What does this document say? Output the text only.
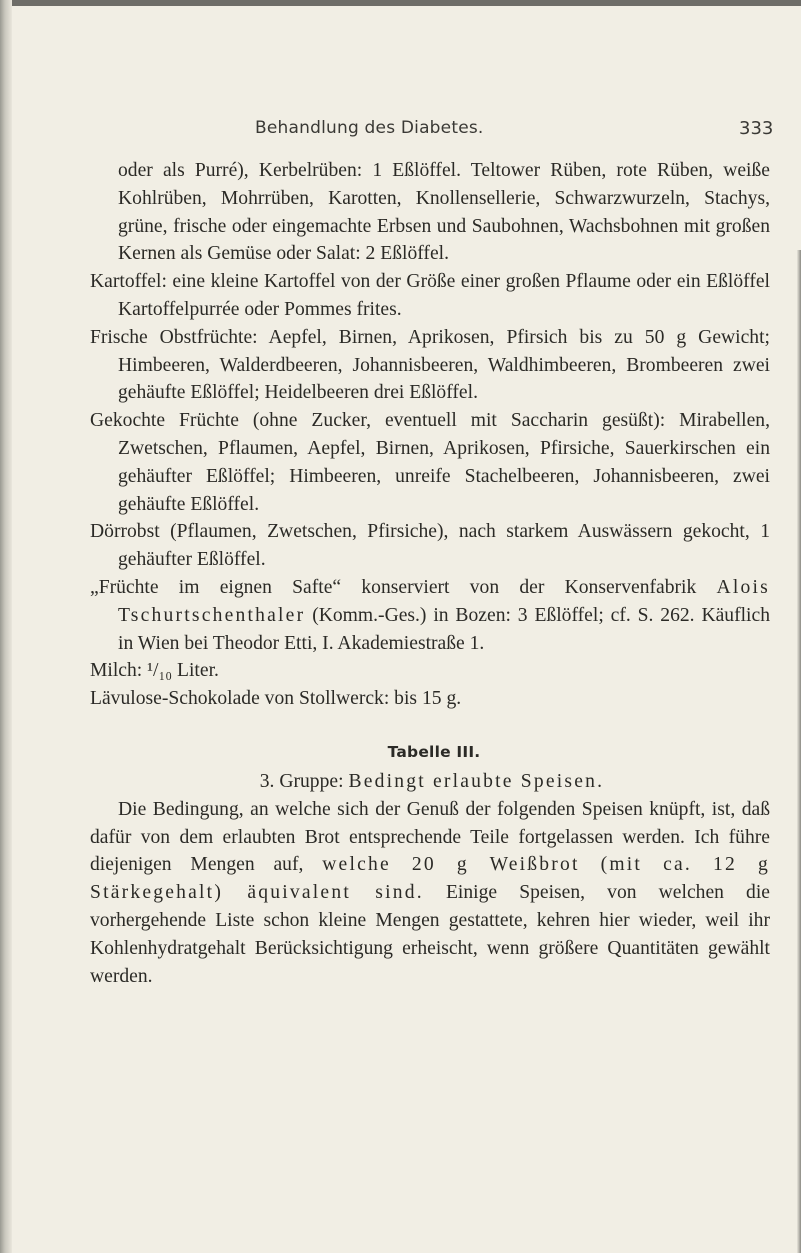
Behandlung des Diabetes.	333

oder als Purré), Kerbelrüben: 1 Eßlöffel. Teltower Rüben, rote Rüben, weiße Kohlrüben, Mohrrüben, Karotten, Knollensellerie, Schwarzwurzeln, Stachys, grüne, frische oder eingemachte Erbsen und Saubohnen, Wachsbohnen mit großen Kernen als Gemüse oder Salat: 2 Eßlöffel.

Kartoffel: eine kleine Kartoffel von der Größe einer großen Pflaume oder ein Eßlöffel Kartoffelpurrée oder Pommes frites.

Frische Obstfrüchte: Aepfel, Birnen, Aprikosen, Pfirsich bis zu 50 g Gewicht; Himbeeren, Walderdbeeren, Johannisbeeren, Waldhimbeeren, Brombeeren zwei gehäufte Eßlöffel; Heidelbeeren drei Eßlöffel.

Gekochte Früchte (ohne Zucker, eventuell mit Saccharin gesüßt): Mirabellen, Zwetschen, Pflaumen, Aepfel, Birnen, Aprikosen, Pfirsiche, Sauerkirschen ein gehäufter Eßlöffel; Himbeeren, unreife Stachelbeeren, Johannisbeeren, zwei gehäufte Eßlöffel.

Dörrobst (Pflaumen, Zwetschen, Pfirsiche), nach starkem Auswässern gekocht, 1 gehäufter Eßlöffel.

„Früchte im eignen Safte“ konserviert von der Konservenfabrik Alois Tschurtschenthaler (Komm.-Ges.) in Bozen: 3 Eßlöffel; cf. S. 262. Käuflich in Wien bei Theodor Etti, I. Akademiestraße 1.

Milch: ¹/₁₀ Liter.

Lävulose-Schokolade von Stollwerck: bis 15 g.

Tabelle III.
3. Gruppe: Bedingt erlaubte Speisen.

Die Bedingung, an welche sich der Genuß der folgenden Speisen knüpft, ist, daß dafür von dem erlaubten Brot entsprechende Teile fortgelassen werden. Ich führe diejenigen Mengen auf, welche 20 g Weißbrot (mit ca. 12 g Stärkegehalt) äquivalent sind. Einige Speisen, von welchen die vorhergehende Liste schon kleine Mengen gestattete, kehren hier wieder, weil ihr Kohlenhydratgehalt Berücksichtigung erheischt, wenn größere Quantitäten gewählt werden.
